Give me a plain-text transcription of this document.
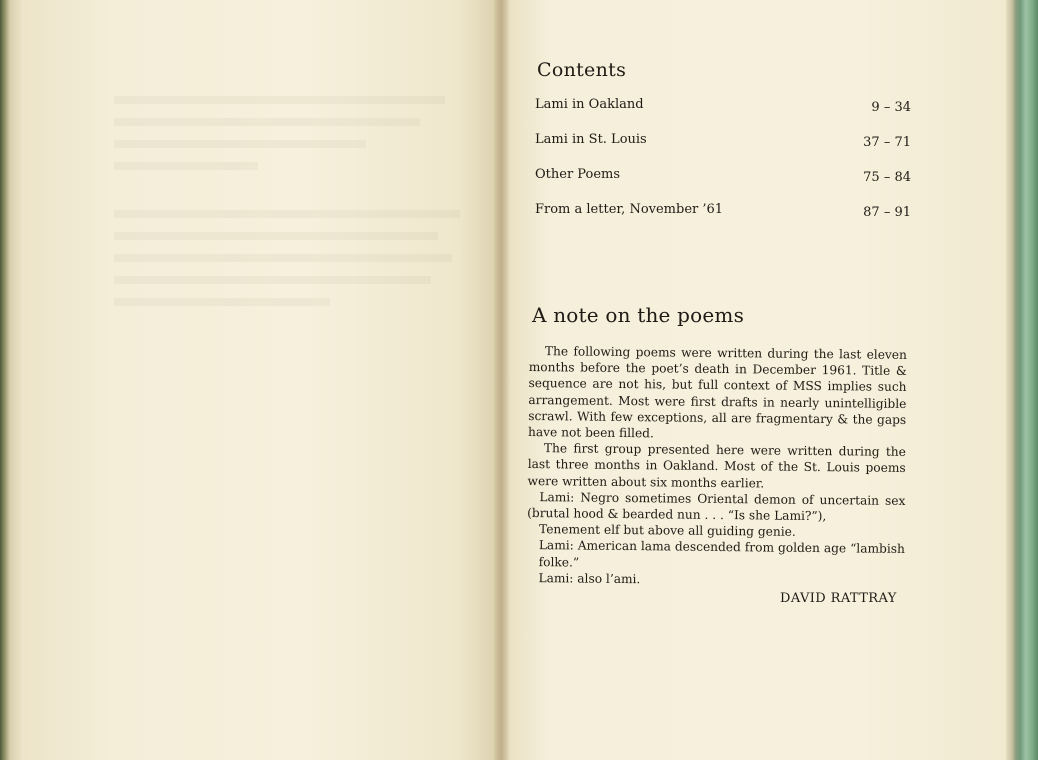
Contents
Lami in Oakland	9 – 34
Lami in St. Louis	37 – 71
Other Poems	75 – 84
From a letter, November ’61	87 – 91
A note on the poems

The following poems were written during the last eleven months before the poet’s death in December 1961. Title & sequence are not his, but full context of MSS implies such arrangement. Most were first drafts in nearly unintelligible scrawl. With few exceptions, all are fragmentary & the gaps have not been filled.

The first group presented here were written during the last three months in Oakland. Most of the St. Louis poems were written about six months earlier.

Lami: Negro sometimes Oriental demon of uncertain sex (brutal hood & bearded nun . . . “Is she Lami?”),

Tenement elf but above all guiding genie.

Lami: American lama descended from golden age “lambish folke.”

Lami: also l’ami.

DAVID RATTRAY
